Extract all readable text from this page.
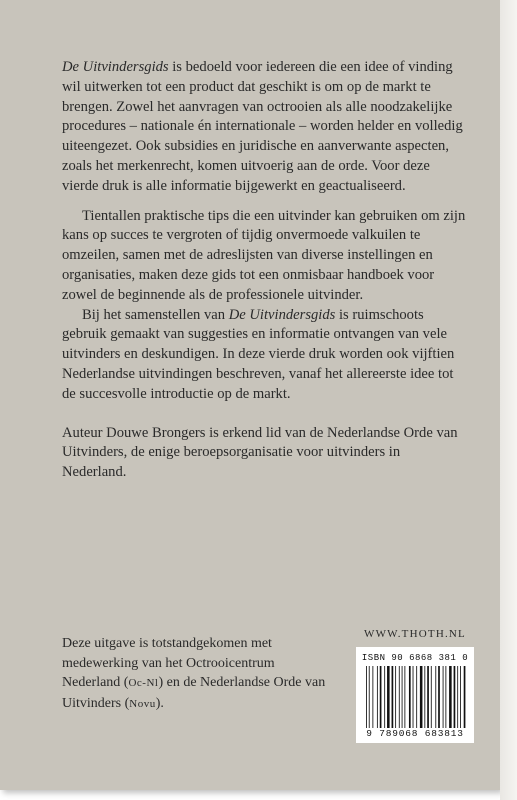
De Uitvindersgids is bedoeld voor iedereen die een idee of vinding wil uitwerken tot een product dat geschikt is om op de markt te brengen. Zowel het aanvragen van octrooien als alle noodzakelijke procedures – nationale én internationale – worden helder en volledig uiteengezet. Ook subsidies en juridische en aanverwante aspecten, zoals het merkenrecht, komen uitvoerig aan de orde. Voor deze vierde druk is alle informatie bijgewerkt en geactualiseerd.

Tientallen praktische tips die een uitvinder kan gebruiken om zijn kans op succes te vergroten of tijdig onvermoede valkuilen te omzeilen, samen met de adreslijsten van diverse instellingen en organisaties, maken deze gids tot een onmisbaar handboek voor zowel de beginnende als de professionele uitvinder.

Bij het samenstellen van De Uitvindersgids is ruimschoots gebruik gemaakt van suggesties en informatie ontvangen van vele uitvinders en deskundigen. In deze vierde druk worden ook vijftien Nederlandse uitvindingen beschreven, vanaf het allereerste idee tot de succesvolle introductie op de markt.

Auteur Douwe Brongers is erkend lid van de Nederlandse Orde van Uitvinders, de enige beroepsorganisatie voor uitvinders in Nederland.

WWW.THOTH.NL
Deze uitgave is totstandgekomen met medewerking van het Octrooicentrum Nederland (Oc-Nl) en de Nederlandse Orde van Uitvinders (Novu).
ISBN 90 6868 381 0
9 789068 683813
